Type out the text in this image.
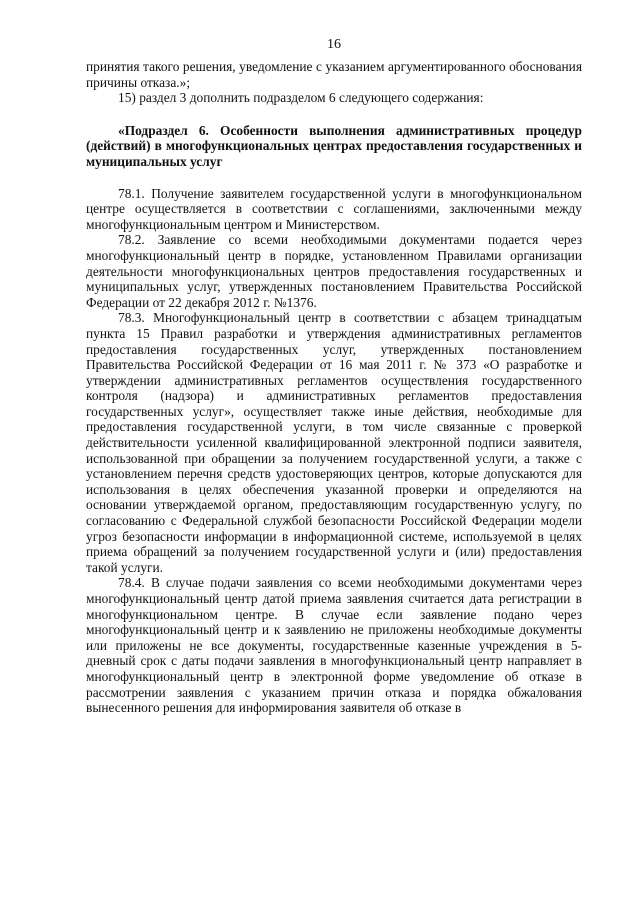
16

принятия такого решения, уведомление с указанием аргументированного обоснования причины отказа.»;

15) раздел 3 дополнить подразделом 6 следующего содержания:

«Подраздел 6. Особенности выполнения административных процедур (действий) в многофункциональных центрах предоставления государственных и муниципальных услуг

78.1. Получение заявителем государственной услуги в многофункциональном центре осуществляется в соответствии с соглашениями, заключенными между многофункциональным центром и Министерством.

78.2. Заявление со всеми необходимыми документами подается через многофункциональный центр в порядке, установленном Правилами организации деятельности многофункциональных центров предоставления государственных и муниципальных услуг, утвержденных постановлением Правительства Российской Федерации от 22 декабря 2012 г. №1376.

78.3. Многофункциональный центр в соответствии с абзацем тринадцатым пункта 15 Правил разработки и утверждения административных регламентов предоставления государственных услуг, утвержденных постановлением Правительства Российской Федерации от 16 мая 2011 г. № 373 «О разработке и утверждении административных регламентов осуществления государственного контроля (надзора) и административных регламентов предоставления государственных услуг», осуществляет также иные действия, необходимые для предоставления государственной услуги, в том числе связанные с проверкой действительности усиленной квалифицированной электронной подписи заявителя, использованной при обращении за получением государственной услуги, а также с установлением перечня средств удостоверяющих центров, которые допускаются для использования в целях обеспечения указанной проверки и определяются на основании утверждаемой органом, предоставляющим государственную услугу, по согласованию с Федеральной службой безопасности Российской Федерации модели угроз безопасности информации в информационной системе, используемой в целях приема обращений за получением государственной услуги и (или) предоставления такой услуги.

78.4. В случае подачи заявления со всеми необходимыми документами через многофункциональный центр датой приема заявления считается дата регистрации в многофункциональном центре. В случае если заявление подано через многофункциональный центр и к заявлению не приложены необходимые документы или приложены не все документы, государственные казенные учреждения в 5-дневный срок с даты подачи заявления в многофункциональный центр направляет в многофункциональный центр в электронной форме уведомление об отказе в рассмотрении заявления с указанием причин отказа и порядка обжалования вынесенного решения для информирования заявителя об отказе в
